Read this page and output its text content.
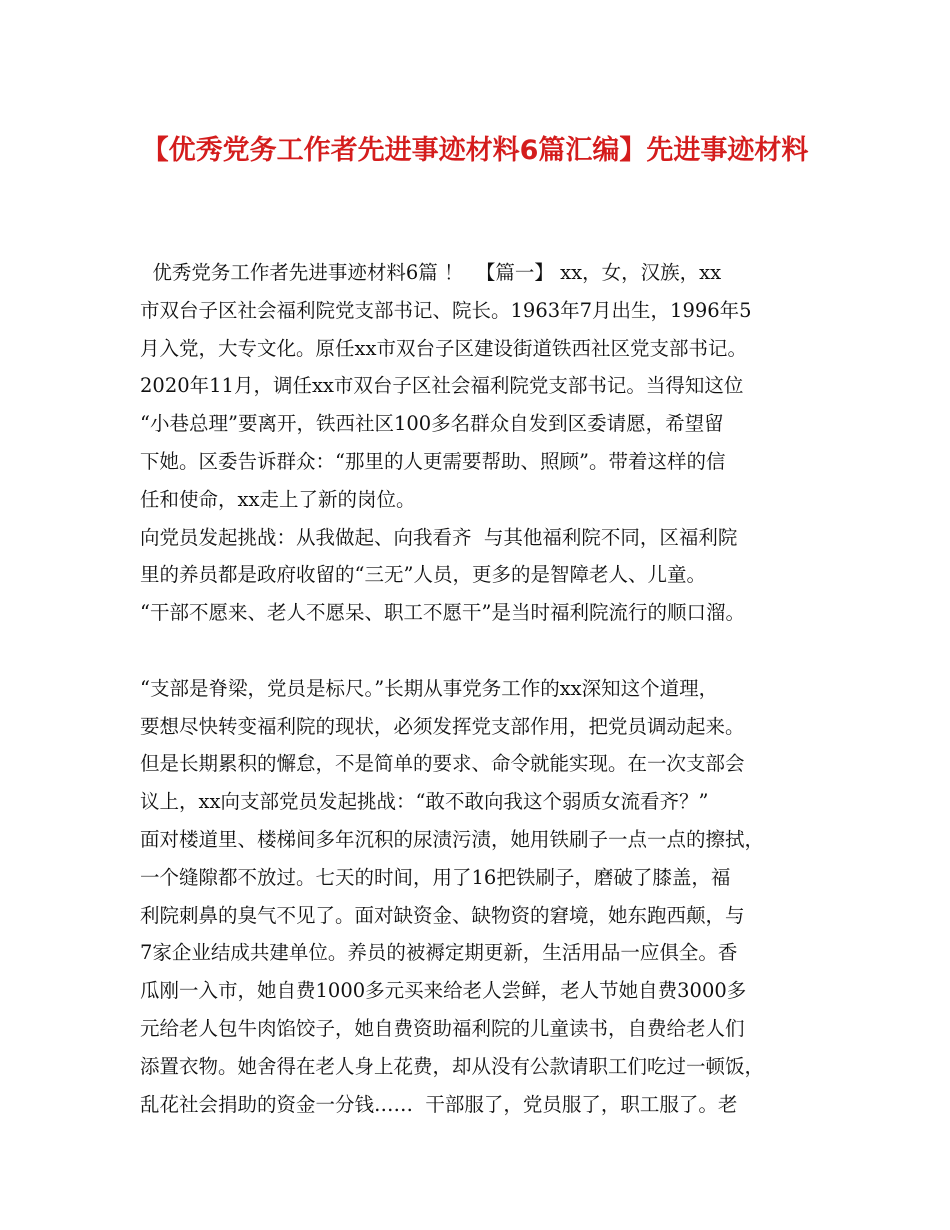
【优秀党务工作者先进事迹材料6篇汇编】先进事迹材料
优秀党务工作者先进事迹材料6篇 ！  【篇一】 xx，女，汉族，xx
市双台子区社会福利院党支部书记、院长。1963年7月出生，1996年5
月入党，大专文化。原任xx市双台子区建设街道铁西社区党支部书记。
2020年11月，调任xx市双台子区社会福利院党支部书记。当得知这位
“小巷总理”要离开，铁西社区100多名群众自发到区委请愿，希望留
下她。区委告诉群众：“那里的人更需要帮助、照顾”。带着这样的信
任和使命，xx走上了新的岗位。
向党员发起挑战：从我做起、向我看齐  与其他福利院不同，区福利院
里的养员都是政府收留的“三无”人员，更多的是智障老人、儿童。
“干部不愿来、老人不愿呆、职工不愿干”是当时福利院流行的顺口溜。
“支部是脊梁，党员是标尺。”长期从事党务工作的xx深知这个道理，
要想尽快转变福利院的现状，必须发挥党支部作用，把党员调动起来。
但是长期累积的懈怠，不是简单的要求、命令就能实现。在一次支部会
议上，xx向支部党员发起挑战：“敢不敢向我这个弱质女流看齐？”
面对楼道里、楼梯间多年沉积的尿渍污渍，她用铁刷子一点一点的擦拭，
一个缝隙都不放过。七天的时间，用了16把铁刷子，磨破了膝盖，福
利院刺鼻的臭气不见了。面对缺资金、缺物资的窘境，她东跑西颠，与
7家企业结成共建单位。养员的被褥定期更新，生活用品一应俱全。香
瓜刚一入市，她自费1000多元买来给老人尝鲜，老人节她自费3000多
元给老人包牛肉馅饺子，她自费资助福利院的儿童读书，自费给老人们
添置衣物。她舍得在老人身上花费，却从没有公款请职工们吃过一顿饭，
乱花社会捐助的资金一分钱……  干部服了，党员服了，职工服了。老
